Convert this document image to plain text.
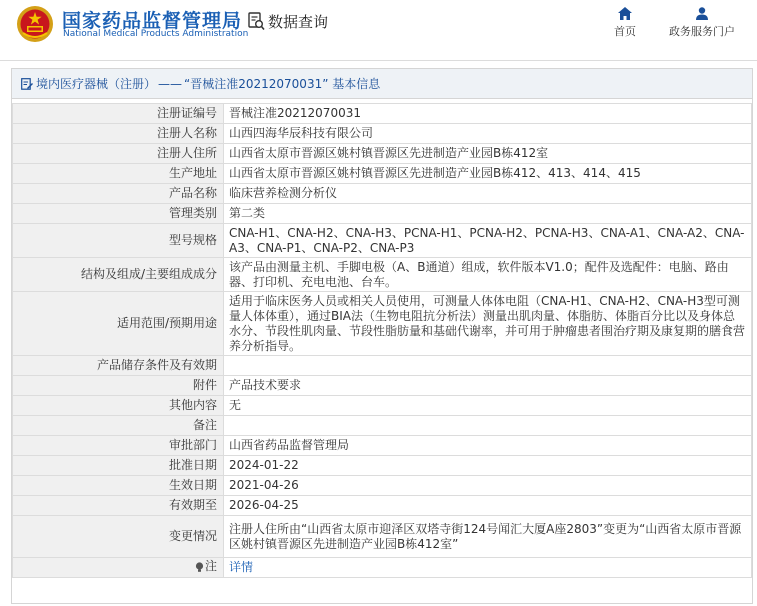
国家药品监督管理局
National Medical Products Administration
数据查询
首页	政务服务门户
境内医疗器械（注册） —— “晋械注准20212070031” 基本信息
注册证编号	晋械注准20212070031
注册人名称	山西四海华辰科技有限公司
注册人住所	山西省太原市晋源区姚村镇晋源区先进制造产业园B栋412室
生产地址	山西省太原市晋源区姚村镇晋源区先进制造产业园B栋412、413、414、415
产品名称	临床营养检测分析仪
管理类别	第二类
型号规格	CNA-H1、CNA-H2、CNA-H3、PCNA-H1、PCNA-H2、PCNA-H3、CNA-A1、CNA-A2、CNA-A3、CNA-P1、CNA-P2、CNA-P3
结构及组成/主要组成成分	该产品由测量主机、手脚电极（A、B通道）组成，软件版本V1.0；配件及选配件：电脑、路由器、打印机、充电电池、台车。
适用范围/预期用途	适用于临床医务人员或相关人员使用，可测量人体体电阻（CNA-H1、CNA-H2、CNA-H3型可测量人体体重），通过BIA法（生物电阻抗分析法）测量出肌肉量、体脂肪、体脂百分比以及身体总水分、节段性肌肉量、节段性脂肪量和基础代谢率，并可用于肿瘤患者围治疗期及康复期的膳食营养分析指导。
产品储存条件及有效期	
附件	产品技术要求
其他内容	无
备注	
审批部门	山西省药品监督管理局
批准日期	2024-01-22
生效日期	2021-04-26
有效期至	2026-04-25
变更情况	注册人住所由“山西省太原市迎泽区双塔寺街124号闻汇大厦A座2803”变更为“山西省太原市晋源区姚村镇晋源区先进制造产业园B栋412室”

注	详情
